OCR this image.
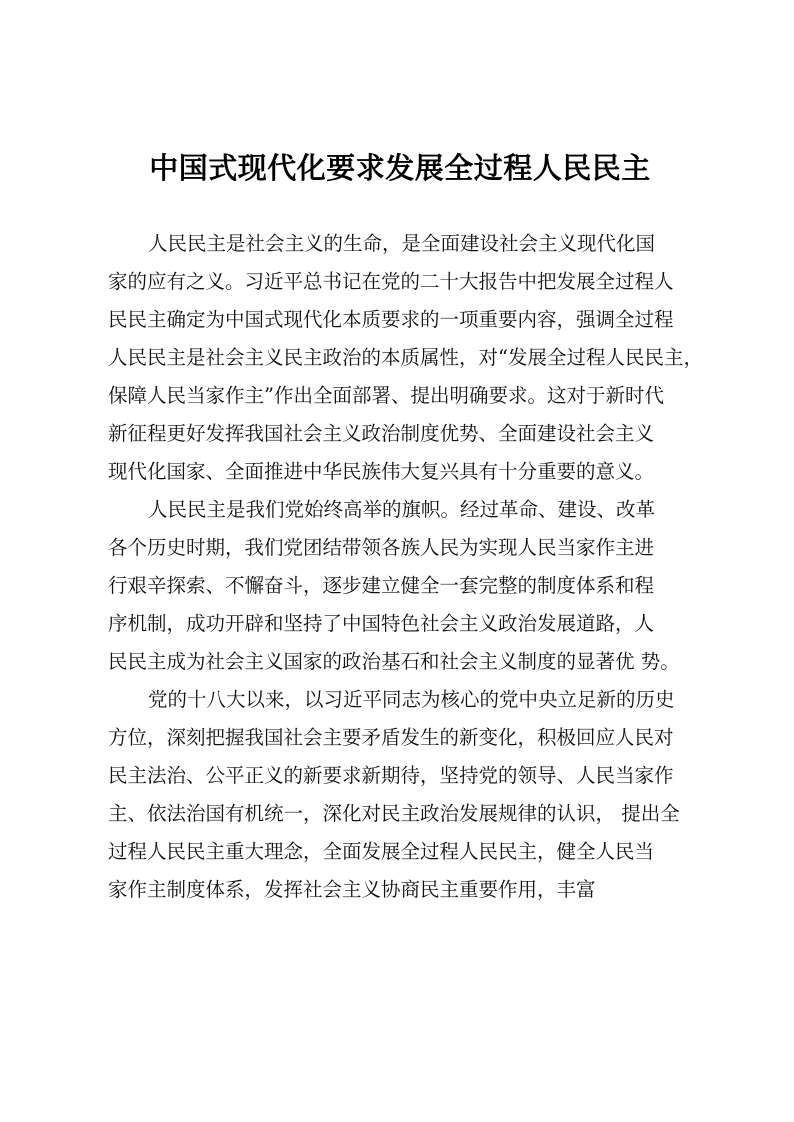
中国式现代化要求发展全过程人民民主
人民民主是社会主义的生命，是全面建设社会主义现代化国
家的应有之义。习近平总书记在党的二十大报告中把发展全过程人
民民主确定为中国式现代化本质要求的一项重要内容，强调全过程
人民民主是社会主义民主政治的本质属性，对“发展全过程人民民主，
保障人民当家作主”作出全面部署、提出明确要求。这对于新时代
新征程更好发挥我国社会主义政治制度优势、全面建设社会主义
现代化国家、全面推进中华民族伟大复兴具有十分重要的意义。
人民民主是我们党始终高举的旗帜。经过革命、建设、改革
各个历史时期，我们党团结带领各族人民为实现人民当家作主进
行艰辛探索、不懈奋斗，逐步建立健全一套完整的制度体系和程
序机制，成功开辟和坚持了中国特色社会主义政治发展道路，人
民民主成为社会主义国家的政治基石和社会主义制度的显著优 势。
党的十八大以来，以习近平同志为核心的党中央立足新的历史
方位，深刻把握我国社会主要矛盾发生的新变化，积极回应人民对
民主法治、公平正义的新要求新期待，坚持党的领导、人民当家作
主、依法治国有机统一，深化对民主政治发展规律的认识， 提出全
过程人民民主重大理念，全面发展全过程人民民主，健全人民当
家作主制度体系，发挥社会主义协商民主重要作用，丰富
